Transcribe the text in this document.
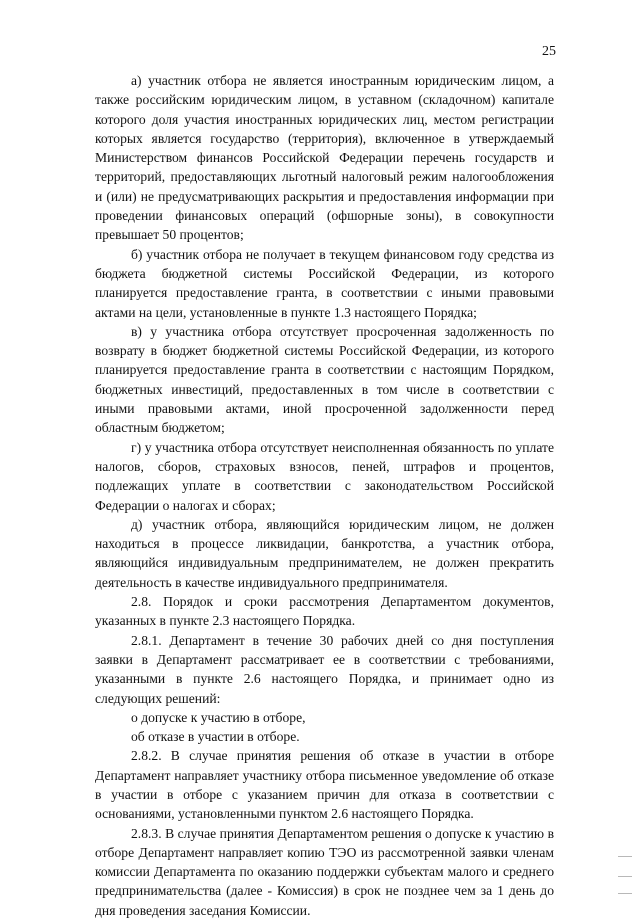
25

а) участник отбора не является иностранным юридическим лицом, а также российским юридическим лицом, в уставном (складочном) капитале которого доля участия иностранных юридических лиц, местом регистрации которых является государство (территория), включенное в утверждаемый Министерством финансов Российской Федерации перечень государств и территорий, предоставляющих льготный налоговый режим налогообложения и (или) не предусматривающих раскрытия и предоставления информации при проведении финансовых операций (офшорные зоны), в совокупности превышает 50 процентов;

б) участник отбора не получает в текущем финансовом году средства из бюджета бюджетной системы Российской Федерации, из которого планируется предоставление гранта, в соответствии с иными правовыми актами на цели, установленные в пункте 1.3 настоящего Порядка;

в) у участника отбора отсутствует просроченная задолженность по возврату в бюджет бюджетной системы Российской Федерации, из которого планируется предоставление гранта в соответствии с настоящим Порядком, бюджетных инвестиций, предоставленных в том числе в соответствии с иными правовыми актами, иной просроченной задолженности перед областным бюджетом;

г) у участника отбора отсутствует неисполненная обязанность по уплате налогов, сборов, страховых взносов, пеней, штрафов и процентов, подлежащих уплате в соответствии с законодательством Российской Федерации о налогах и сборах;

д) участник отбора, являющийся юридическим лицом, не должен находиться в процессе ликвидации, банкротства, а участник отбора, являющийся индивидуальным предпринимателем, не должен прекратить деятельность в качестве индивидуального предпринимателя.

2.8. Порядок и сроки рассмотрения Департаментом документов, указанных в пункте 2.3 настоящего Порядка.

2.8.1. Департамент в течение 30 рабочих дней со дня поступления заявки в Департамент рассматривает ее в соответствии с требованиями, указанными в пункте 2.6 настоящего Порядка, и принимает одно из следующих решений:

о допуске к участию в отборе,

об отказе в участии в отборе.

2.8.2. В случае принятия решения об отказе в участии в отборе Департамент направляет участнику отбора письменное уведомление об отказе в участии в отборе с указанием причин для отказа в соответствии с основаниями, установленными пунктом 2.6 настоящего Порядка.

2.8.3. В случае принятия Департаментом решения о допуске к участию в отборе Департамент направляет копию ТЭО из рассмотренной заявки членам комиссии Департамента по оказанию поддержки субъектам малого и среднего предпринимательства (далее - Комиссия) в срок не позднее чем за 1 день до дня проведения заседания Комиссии.
